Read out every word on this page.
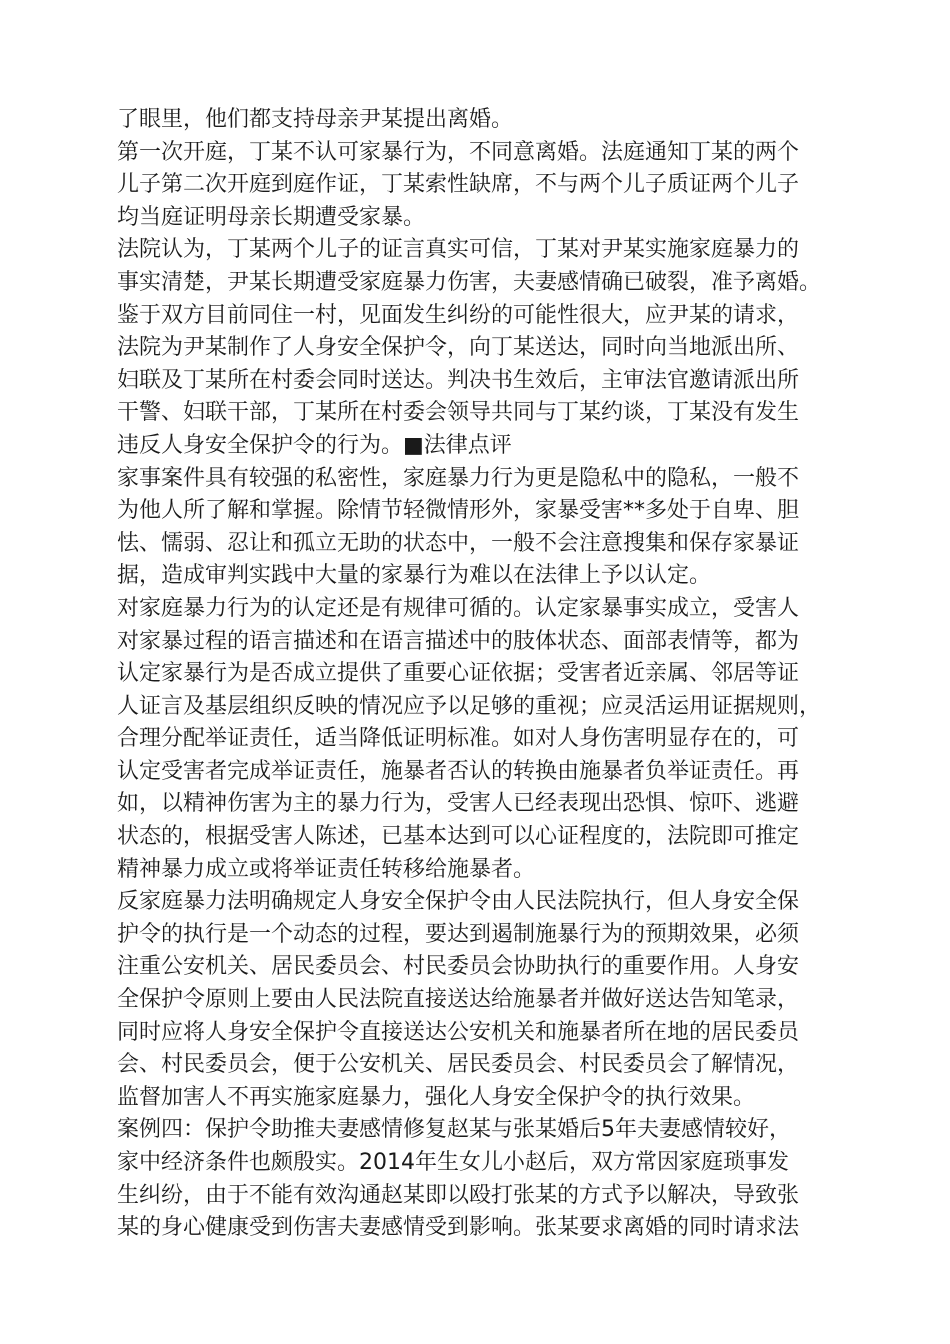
了眼里，他们都支持母亲尹某提出离婚。
第一次开庭，丁某不认可家暴行为，不同意离婚。法庭通知丁某的两个
儿子第二次开庭到庭作证，丁某索性缺席，不与两个儿子质证两个儿子
均当庭证明母亲长期遭受家暴。
法院认为，丁某两个儿子的证言真实可信，丁某对尹某实施家庭暴力的
事实清楚，尹某长期遭受家庭暴力伤害，夫妻感情确已破裂，准予离婚。
鉴于双方目前同住一村，见面发生纠纷的可能性很大，应尹某的请求，
法院为尹某制作了人身安全保护令，向丁某送达，同时向当地派出所、
妇联及丁某所在村委会同时送达。判决书生效后，主审法官邀请派出所
干警、妇联干部，丁某所在村委会领导共同与丁某约谈，丁某没有发生
违反人身安全保护令的行为。■法律点评
家事案件具有较强的私密性，家庭暴力行为更是隐私中的隐私，一般不
为他人所了解和掌握。除情节轻微情形外，家暴受害**多处于自卑、胆
怯、懦弱、忍让和孤立无助的状态中，一般不会注意搜集和保存家暴证
据，造成审判实践中大量的家暴行为难以在法律上予以认定。
对家庭暴力行为的认定还是有规律可循的。认定家暴事实成立，受害人
对家暴过程的语言描述和在语言描述中的肢体状态、面部表情等，都为
认定家暴行为是否成立提供了重要心证依据；受害者近亲属、邻居等证
人证言及基层组织反映的情况应予以足够的重视；应灵活运用证据规则，
合理分配举证责任，适当降低证明标准。如对人身伤害明显存在的，可
认定受害者完成举证责任，施暴者否认的转换由施暴者负举证责任。再
如，以精神伤害为主的暴力行为，受害人已经表现出恐惧、惊吓、逃避
状态的，根据受害人陈述，已基本达到可以心证程度的，法院即可推定
精神暴力成立或将举证责任转移给施暴者。
反家庭暴力法明确规定人身安全保护令由人民法院执行，但人身安全保
护令的执行是一个动态的过程，要达到遏制施暴行为的预期效果，必须
注重公安机关、居民委员会、村民委员会协助执行的重要作用。人身安
全保护令原则上要由人民法院直接送达给施暴者并做好送达告知笔录，
同时应将人身安全保护令直接送达公安机关和施暴者所在地的居民委员
会、村民委员会，便于公安机关、居民委员会、村民委员会了解情况，
监督加害人不再实施家庭暴力，强化人身安全保护令的执行效果。
案例四：保护令助推夫妻感情修复赵某与张某婚后5年夫妻感情较好，
家中经济条件也颇殷实。2014年生女儿小赵后，双方常因家庭琐事发
生纠纷，由于不能有效沟通赵某即以殴打张某的方式予以解决，导致张
某的身心健康受到伤害夫妻感情受到影响。张某要求离婚的同时请求法
